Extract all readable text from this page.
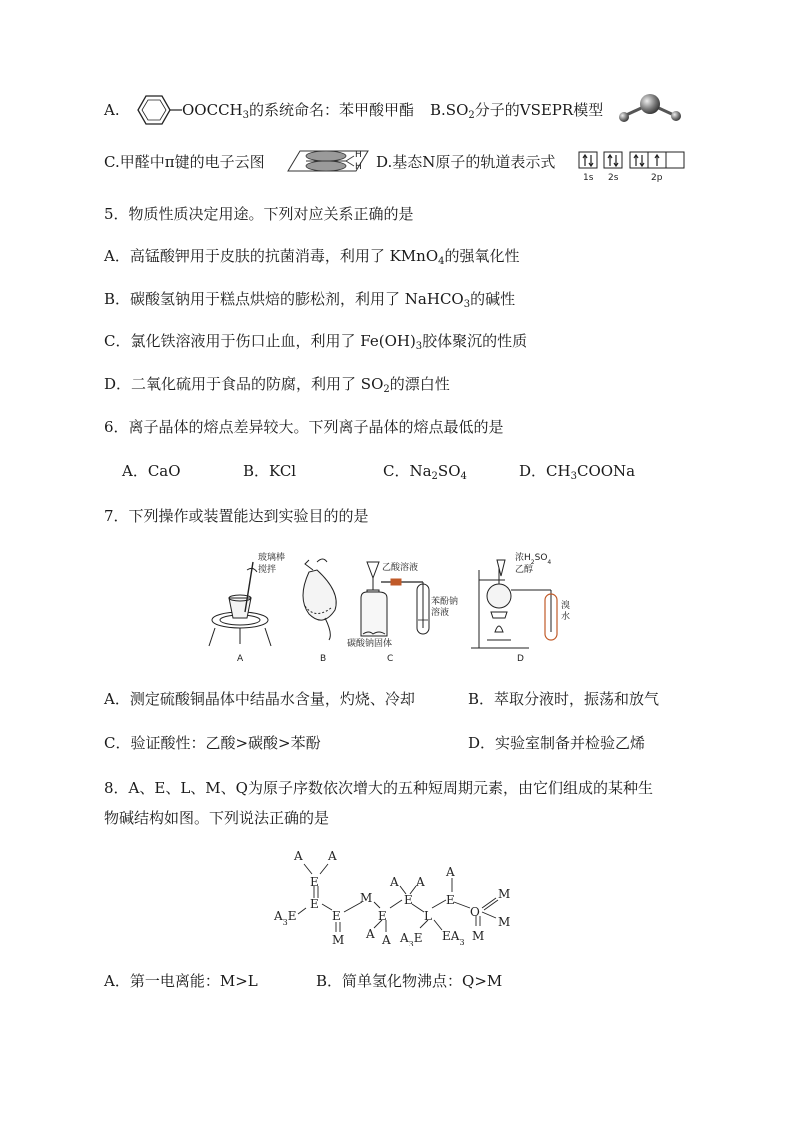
A.	$OOCCH_3$的系统命名：苯甲酸甲酯 $B.SO_2$分子的VSEPR模型
C.甲醛中π键的电子云图	H
H D.基态N原子的轨道表示式
1s 2s	2p
5．物质性质决定用途。下列对应关系正确的是
A．高锰酸钾用于皮肤的抗菌消毒，利用了 KMnO$_4$的强氧化性
B．碳酸氢钠用于糕点烘焙的膨松剂，利用了 NaHCO$_3$的碱性
C．氯化铁溶液用于伤口止血，利用了 $Fe(OH)_3$胶体聚沉的性质
D．二氧化硫用于食品的防腐，利用了 $SO_2$的漂白性
6．离子晶体的熔点差异较大。下列离子晶体的熔点最低的是
A．CaO	B．KCl	C．$Na_2SO_4$	D．$CH_3COONa$
7．下列操作或装置能达到实验目的的是
玻璃棒
搅拌
A	B
乙酸溶液
苯酚钠
溶液
碳酸钠固体
C
浓$H_2SO_4$
乙醇
溴
水
D
A．测定硫酸铜晶体中结晶水含量，灼烧、冷却	B．萃取分液时，振荡和放气
C．验证酸性：乙酸>碳酸>苯酚	D．实验室制备并检验乙烯
8．A、E、L、M、Q为原子序数依次增大的五种短周期元素，由它们组成的某种生
物碱结构如图。下列说法正确的是
A A
E
E
$A_3E$	E
M
M
E
A A
A A
E
L
$A_3E$ $EA_3$
A
E
O
M
M
M
A．第一电离能：M>L	B．简单氢化物沸点：Q>M
